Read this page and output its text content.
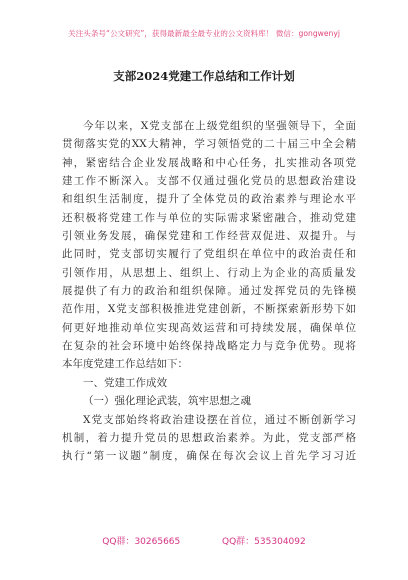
关注头条号“公文研究”，获得最新最全最专业的公文资料库！ 微信：gongwenyj
支部2024党建工作总结和工作计划
今年以来，X党支部在上级党组织的坚强领导下，全面
贯彻落实党的XX大精神，学习领悟党的二十届三中全会精
神，紧密结合企业发展战略和中心任务，扎实推动各项党
建工作不断深入。支部不仅通过强化党员的思想政治建设
和组织生活制度，提升了全体党员的政治素养与理论水平
还积极将党建工作与单位的实际需求紧密融合，推动党建
引领业务发展，确保党建和工作经营双促进、双提升。与
此同时，党支部切实履行了党组织在单位中的政治责任和
引领作用，从思想上、组织上、行动上为企业的高质量发
展提供了有力的政治和组织保障。通过发挥党员的先锋模
范作用，X党支部积极推进党建创新，不断探索新形势下如
何更好地推动单位实现高效运营和可持续发展，确保单位
在复杂的社会环境中始终保持战略定力与竞争优势。现将
本年度党建工作总结如下：
一、党建工作成效
（一）强化理论武装，筑牢思想之魂
X党支部始终将政治建设摆在首位，通过不断创新学习
机制，着力提升党员的思想政治素养。为此，党支部严格
执行“第一议题”制度，确保在每次会议上首先学习习近
QQ群：30265665	QQ群：535304092
